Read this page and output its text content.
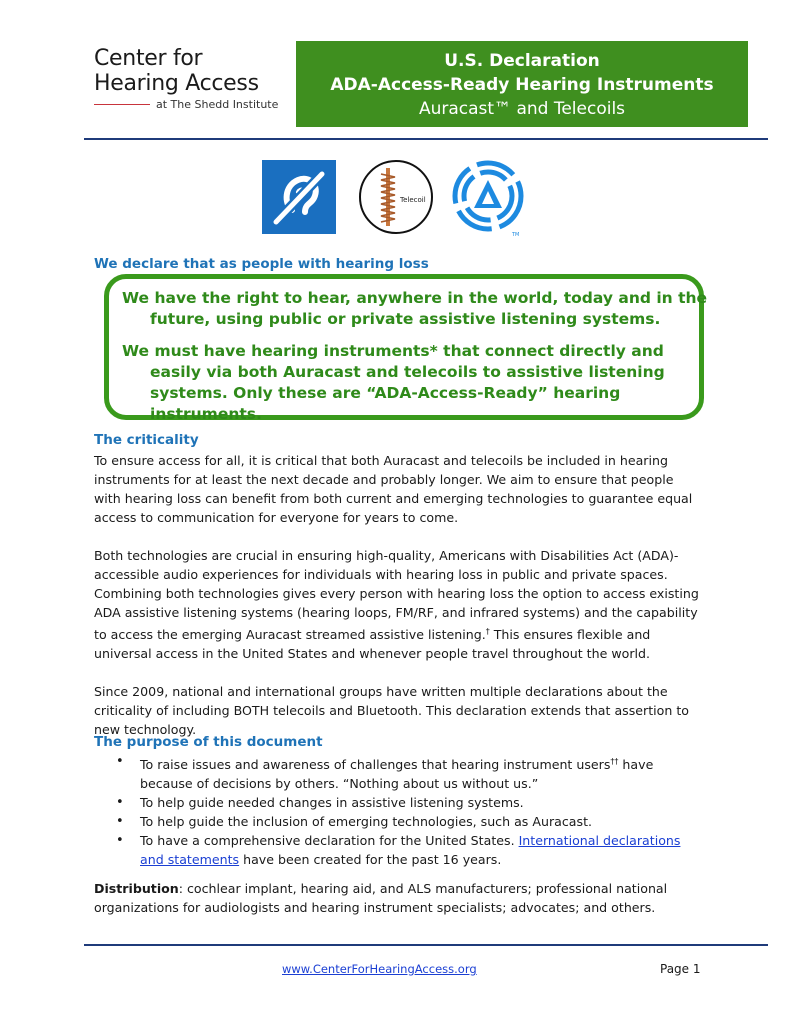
Center for
Hearing Access
at The Shedd Institute
U.S. Declaration
ADA-Access-Ready Hearing Instruments
Auracast™ and Telecoils
Telecoil
TM
We declare that as people with hearing loss

We have the right to hear, anywhere in the world, today and in the future, using public or private assistive listening systems.

We must have hearing instruments* that connect directly and easily via both Auracast and telecoils to assistive listening systems. Only these are “ADA-Access-Ready” hearing instruments.

The criticality

To ensure access for all, it is critical that both Auracast and telecoils be included in hearing instruments for at least the next decade and probably longer. We aim to ensure that people with hearing loss can benefit from both current and emerging technologies to guarantee equal access to communication for everyone for years to come.

Both technologies are crucial in ensuring high-quality, Americans with Disabilities Act (ADA)-accessible audio experiences for individuals with hearing loss in public and private spaces. Combining both technologies gives every person with hearing loss the option to access existing ADA assistive listening systems (hearing loops, FM/RF, and infrared systems) and the capability to access the emerging Auracast streamed assistive listening.† This ensures flexible and universal access in the United States and whenever people travel throughout the world.

Since 2009, national and international groups have written multiple declarations about the criticality of including BOTH telecoils and Bluetooth. This declaration extends that assertion to new technology.

The purpose of this document
• To raise issues and awareness of challenges that hearing instrument users†† have because of decisions by others. “Nothing about us without us.”
• To help guide needed changes in assistive listening systems.
• To help guide the inclusion of emerging technologies, such as Auracast.
• To have a comprehensive declaration for the United States. International declarations and statements have been created for the past 16 years.

Distribution: cochlear implant, hearing aid, and ALS manufacturers; professional national organizations for audiologists and hearing instrument specialists; advocates; and others.

www.CenterForHearingAccess.org	Page 1
